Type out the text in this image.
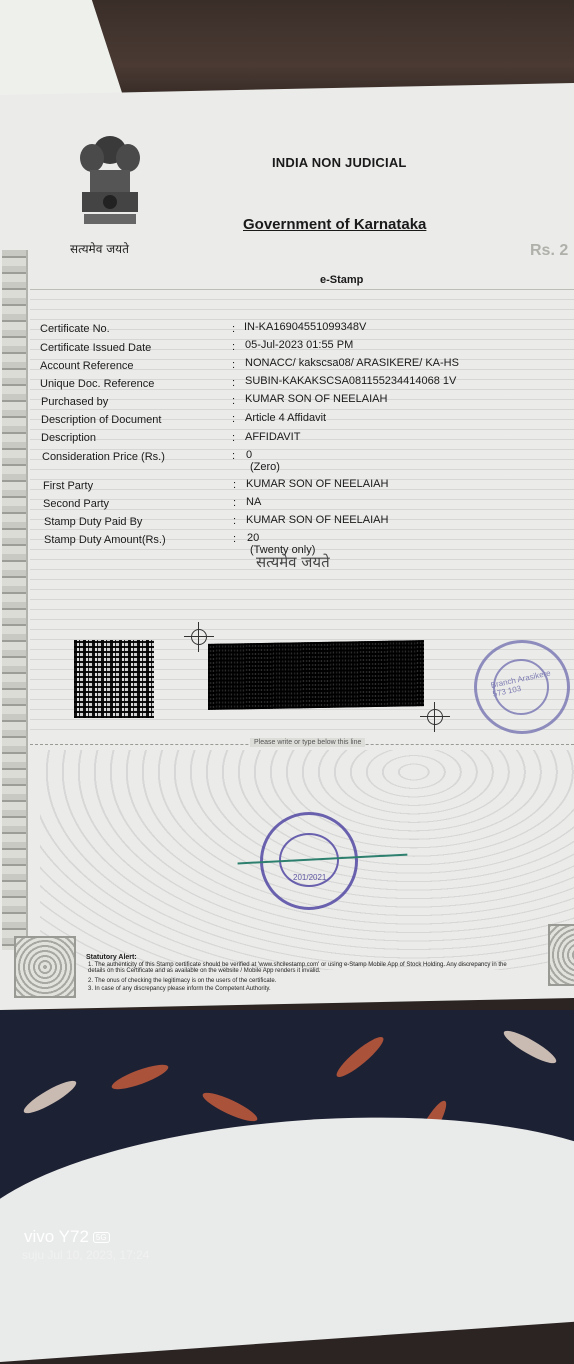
सत्यमेव जयते
INDIA NON JUDICIAL
Government of Karnataka
Rs. 2
e-Stamp
Certificate No.	: IN-KA16904551099348V
Certificate Issued Date	: 05-Jul-2023 01:55 PM
Account Reference	: NONACC/ kakscsa08/ ARASIKERE/ KA-HS
Unique Doc. Reference	: SUBIN-KAKAKSCSA081155234414068 1V
Purchased by	: KUMAR SON OF NEELAIAH
Description of Document	: Article 4 Affidavit
Description	: AFFIDAVIT
Consideration Price (Rs.)	: 0
(Zero)
First Party	: KUMAR SON OF NEELAIAH
Second Party	: NA
Stamp Duty Paid By	: KUMAR SON OF NEELAIAH
Stamp Duty Amount(Rs.)	: 20
(Twenty only)
सत्यमेव जयते
Branch Arasikere 573 103
Please write or type below this line
201/2021
Statutory Alert:
1. The authenticity of this Stamp certificate should be verified at 'www.shcilestamp.com' or using e-Stamp Mobile App of Stock Holding. Any discrepancy in the details on this Certificate and as available on the website / Mobile App renders it invalid.
2. The onus of checking the legitimacy is on the users of the certificate.
3. In case of any discrepancy please inform the Competent Authority.
vivo Y72 5G
suju Jul 10, 2023, 17:24
